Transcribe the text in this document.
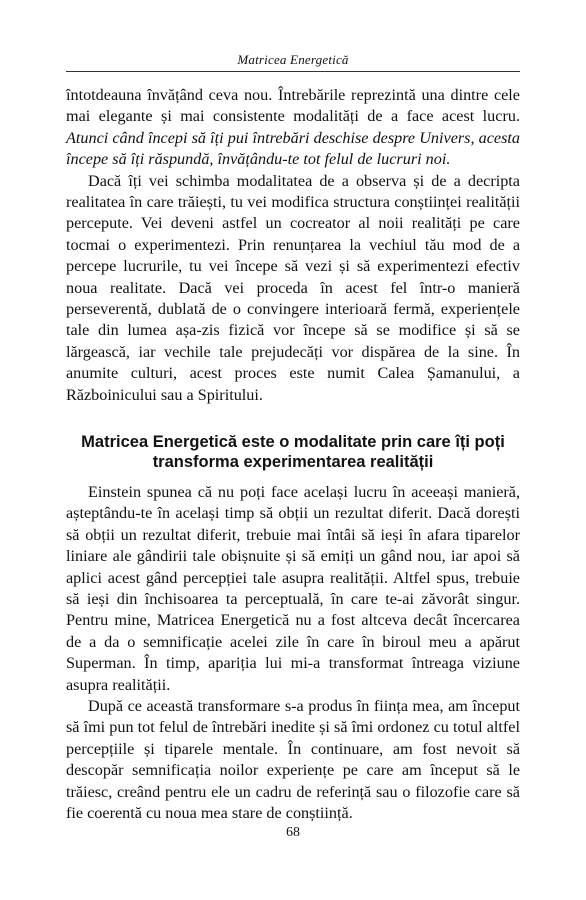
Matricea Energetică

întotdeauna învățând ceva nou. Întrebările reprezintă una dintre cele mai elegante și mai consistente modalități de a face acest lucru. Atunci când începi să îți pui întrebări deschise despre Univers, acesta începe să îți răspundă, învățându-te tot felul de lucruri noi.

Dacă îți vei schimba modalitatea de a observa și de a decripta realitatea în care trăiești, tu vei modifica structura conștiinței realității percepute. Vei deveni astfel un cocreator al noii realități pe care tocmai o experimentezi. Prin renunțarea la vechiul tău mod de a percepe lucrurile, tu vei începe să vezi și să experimentezi efectiv noua realitate. Dacă vei proceda în acest fel într-o manieră perseverentă, dublată de o convingere interioară fermă, experiențele tale din lumea așa-zis fizică vor începe să se modifice și să se lărgească, iar vechile tale prejudecăți vor dispărea de la sine. În anumite culturi, acest proces este numit Calea Șamanului, a Războinicului sau a Spiritului.

Matricea Energetică este o modalitate prin care îți poți transforma experimentarea realității

Einstein spunea că nu poți face același lucru în aceeași manieră, așteptându-te în același timp să obții un rezultat diferit. Dacă dorești să obții un rezultat diferit, trebuie mai întâi să ieși în afara tiparelor liniare ale gândirii tale obișnuite și să emiți un gând nou, iar apoi să aplici acest gând percepției tale asupra realității. Altfel spus, trebuie să ieși din închisoarea ta perceptuală, în care te-ai zăvorât singur. Pentru mine, Matricea Energetică nu a fost altceva decât încercarea de a da o semnificație acelei zile în care în biroul meu a apărut Superman. În timp, apariția lui mi-a transformat întreaga viziune asupra realității.

După ce această transformare s-a produs în ființa mea, am început să îmi pun tot felul de întrebări inedite și să îmi ordonez cu totul altfel percepțiile și tiparele mentale. În continuare, am fost nevoit să descopăr semnificația noilor experiențe pe care am început să le trăiesc, creând pentru ele un cadru de referință sau o filozofie care să fie coerentă cu noua mea stare de conștiință.

68
